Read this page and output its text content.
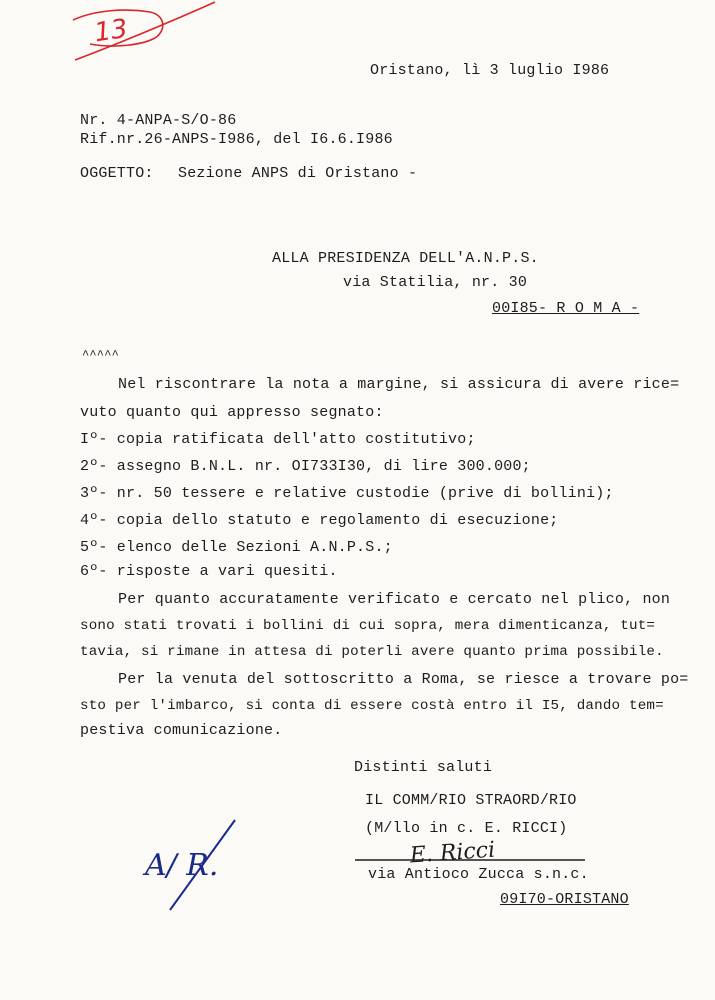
13
Oristano, lì 3 luglio I986
Nr. 4-ANPA-S/O-86
Rif.nr.26-ANPS-I986, del I6.6.I986
OGGETTO: Sezione ANPS di Oristano -
ALLA PRESIDENZA DELL'A.N.P.S.
via Statilia, nr. 30
00I85- R O M A -
^^^^^
Nel riscontrare la nota a margine, si assicura di avere rice=
vuto quanto qui appresso segnato:
Iº- copia ratificata dell'atto costitutivo;
2º- assegno B.N.L. nr. OI733I30, di lire 300.000;
3º- nr. 50 tessere e relative custodie (prive di bollini);
4º- copia dello statuto e regolamento di esecuzione;
5º- elenco delle Sezioni A.N.P.S.;
6º- risposte a vari quesiti.
Per quanto accuratamente verificato e cercato nel plico, non
sono stati trovati i bollini di cui sopra, mera dimenticanza, tut=
tavia, si rimane in attesa di poterli avere quanto prima possibile.
Per la venuta del sottoscritto a Roma, se riesce a trovare po=
sto per l'imbarco, si conta di essere costà entro il I5, dando tem=
pestiva comunicazione.
Distinti saluti
IL COMM/RIO STRAORD/RIO
(M/llo in c. E. RICCI)
via Antioco Zucca s.n.c.
09I70-ORISTANO
E. Ricci
A/ R.
